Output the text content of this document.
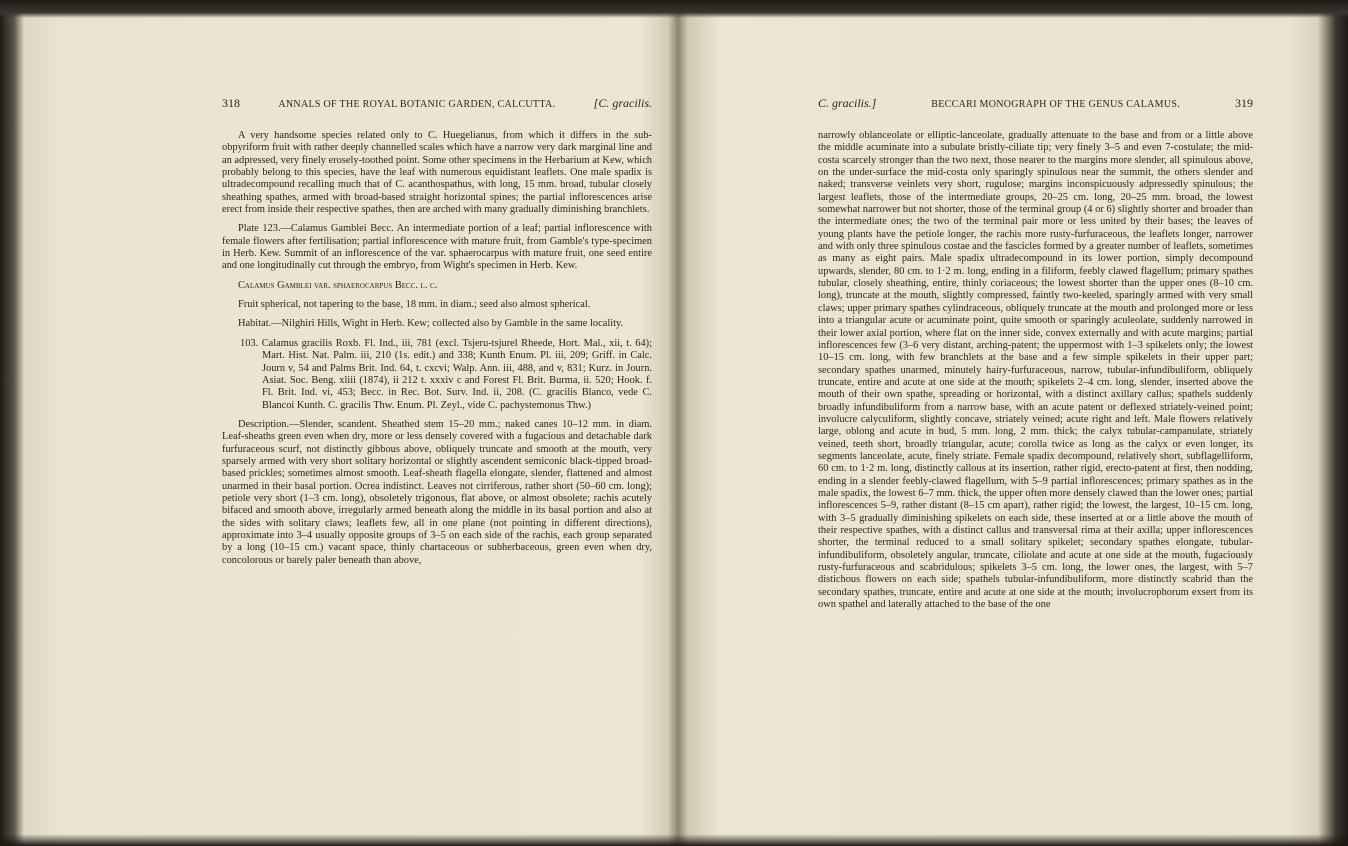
318	ANNALS OF THE ROYAL BOTANIC GARDEN, CALCUTTA.	[C. gracilis.

A very handsome species related only to C. Huegelianus, from which it differs in the sub-obpyriform fruit with rather deeply channelled scales which have a narrow very dark marginal line and an adpressed, very finely erosely-toothed point. Some other specimens in the Herbarium at Kew, which probably belong to this species, have the leaf with numerous equidistant leaflets. One male spadix is ultradecompound recalling much that of C. acanthospathus, with long, 15 mm. broad, tubular closely sheathing spathes, armed with broad-based straight horizontal spines; the partial inflorescences arise erect from inside their respective spathes, then are arched with many gradually diminishing branchlets.

Plate 123.—Calamus Gamblei Becc. An intermediate portion of a leaf; partial inflorescence with female flowers after fertilisation; partial inflorescence with mature fruit, from Gamble's type-specimen in Herb. Kew. Summit of an inflorescence of the var. sphaerocarpus with mature fruit, one seed entire and one longitudinally cut through the embryo, from Wight's specimen in Herb. Kew.

Calamus Gamblei var. sphaerocarpus Becc. l. c.

Fruit spherical, not tapering to the base, 18 mm. in diam.; seed also almost spherical.

Habitat.—Nilghiri Hills, Wight in Herb. Kew; collected also by Gamble in the same locality.

103. Calamus gracilis Roxb. Fl. Ind., iii, 781 (excl. Tsjeru-tsjurel Rheede, Hort. Mal., xii, t. 64); Mart. Hist. Nat. Palm. iii, 210 (1s. edit.) and 338; Kunth Enum. Pl. iii, 209; Griff. in Calc. Journ v, 54 and Palms Brit. Ind. 64, t. cxcvi; Walp. Ann. iii, 488, and v, 831; Kurz. in Journ. Asiat. Soc. Beng. xliii (1874), ii 212 t. xxxiv c and Forest Fl. Brit. Burma, ii. 520; Hook. f. Fl. Brit. Ind. vi, 453; Becc. in Rec. Bot. Surv. Ind. ii, 208. (C. gracilis Blanco, vede C. Blancoi Kunth. C. gracilis Thw. Enum. Pl. Zeyl., vide C. pachystemonus Thw.)

Description.—Slender, scandent. Sheathed stem 15–20 mm.; naked canes 10–12 mm. in diam. Leaf-sheaths green even when dry, more or less densely covered with a fugacious and detachable dark furfuraceous scurf, not distinctly gibbous above, obliquely truncate and smooth at the mouth, very sparsely armed with very short solitary horizontal or slightly ascendent semiconic black-tipped broad-based prickles; sometimes almost smooth. Leaf-sheath flagella elongate, slender, flattened and almost unarmed in their basal portion. Ocrea indistinct. Leaves not cirriferous, rather short (50–60 cm. long); petiole very short (1–3 cm. long), obsoletely trigonous, flat above, or almost obsolete; rachis acutely bifaced and smooth above, irregularly armed beneath along the middle in its basal portion and also at the sides with solitary claws; leaflets few, all in one plane (not pointing in different directions), approximate into 3–4 usually opposite groups of 3–5 on each side of the rachis, each group separated by a long (10–15 cm.) vacant space, thinly chartaceous or subherbaceous, green even when dry, concolorous or barely paler beneath than above,

C. gracilis.]	BECCARI MONOGRAPH OF THE GENUS CALAMUS.	319

narrowly oblanceolate or elliptic-lanceolate, gradually attenuate to the base and from or a little above the middle acuminate into a subulate bristly-ciliate tip; very finely 3–5 and even 7-costulate; the mid-costa scarcely stronger than the two next, those nearer to the margins more slender, all spinulous above, on the under-surface the mid-costa only sparingly spinulous near the summit, the others slender and naked; transverse veinlets very short, rugulose; margins inconspicuously adpressedly spinulous; the largest leaflets, those of the intermediate groups, 20–25 cm. long, 20–25 mm. broad, the lowest somewhat narrower but not shorter, those of the terminal group (4 or 6) slightly shorter and broader than the intermediate ones; the two of the terminal pair more or less united by their bases; the leaves of young plants have the petiole longer, the rachis more rusty-furfuraceous, the leaflets longer, narrower and with only three spinulous costae and the fascicles formed by a greater number of leaflets, sometimes as many as eight pairs. Male spadix ultradecompound in its lower portion, simply decompound upwards, slender, 80 cm. to 1·2 m. long, ending in a filiform, feebly clawed flagellum; primary spathes tubular, closely sheathing, entire, thinly coriaceous; the lowest shorter than the upper ones (8–10 cm. long), truncate at the mouth, slightly compressed, faintly two-keeled, sparingly armed with very small claws; upper primary spathes cylindraceous, obliquely truncate at the mouth and prolonged more or less into a triangular acute or acuminate point, quite smooth or sparingly aculeolate, suddenly narrowed in their lower axial portion, where flat on the inner side, convex externally and with acute margins; partial inflorescences few (3–6 very distant, arching-patent; the uppermost with 1–3 spikelets only; the lowest 10–15 cm. long, with few branchlets at the base and a few simple spikelets in their upper part; secondary spathes unarmed, minutely hairy-furfuraceous, narrow, tubular-infundibuliform, obliquely truncate, entire and acute at one side at the mouth; spikelets 2–4 cm. long, slender, inserted above the mouth of their own spathe, spreading or horizontal, with a distinct axillary callus; spathels suddenly broadly infundibuliform from a narrow base, with an acute patent or deflexed striately-veined point; involucre calyculiform, slightly concave, striately veined; acute right and left. Male flowers relatively large, oblong and acute in bud, 5 mm. long, 2 mm. thick; the calyx tubular-campanulate, striately veined, teeth short, broadly triangular, acute; corolla twice as long as the calyx or even longer, its segments lanceolate, acute, finely striate. Female spadix decompound, relatively short, subflagelliform, 60 cm. to 1·2 m. long, distinctly callous at its insertion, rather rigid, erecto-patent at first, then nodding, ending in a slender feebly-clawed flagellum, with 5–9 partial inflorescences; primary spathes as in the male spadix, the lowest 6–7 mm. thick, the upper often more densely clawed than the lower ones; partial inflorescences 5–9, rather distant (8–15 cm apart), rather rigid; the lowest, the largest, 10–15 cm. long, with 3–5 gradually diminishing spikelets on each side, these inserted at or a little above the mouth of their respective spathes, with a distinct callus and transversal rima at their axilla; upper inflorescences shorter, the terminal reduced to a small solitary spikelet; secondary spathes elongate, tubular-infundibuliform, obsoletely angular, truncate, ciliolate and acute at one side at the mouth, fugaciously rusty-furfuraceous and scabridulous; spikelets 3–5 cm. long, the lower ones, the largest, with 5–7 distichous flowers on each side; spathels tubular-infundibuliform, more distinctly scabrid than the secondary spathes, truncate, entire and acute at one side at the mouth; involucrophorum exsert from its own spathel and laterally attached to the base of the one
